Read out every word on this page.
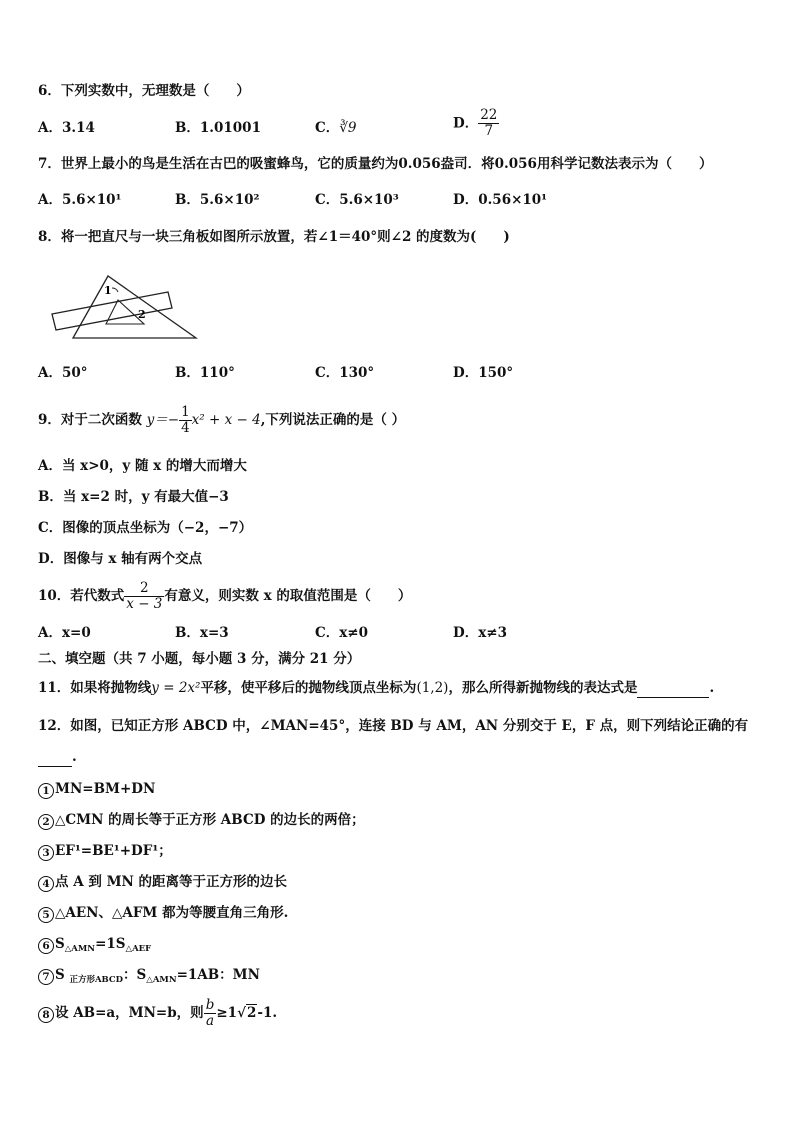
6．下列实数中，无理数是（　　）
A．3.14	B．1.01001	C．∛9	D． $\frac{22}{7}$
7．世界上最小的鸟是生活在古巴的吸蜜蜂鸟，它的质量约为0.056盎司．将0.056用科学记数法表示为（　　）
A．5.6×10¹	B．5.6×10²	C．5.6×10³	D．0.56×10¹
8．将一把直尺与一块三角板如图所示放置，若∠1＝40°则∠2 的度数为(　　)
1
2
A．50°	B．110°	C．130°	D．150°
9．对于二次函数 $y=- \frac{1}{4} x^2 + x - 4$,下列说法正确的是（ ）
A．当 x>0，y 随 x 的增大而增大
B．当 x=2 时，y 有最大值−3
C．图像的顶点坐标为（−2，−7）
D．图像与 x 轴有两个交点
10．若代数式 $\frac{2}{x - 3}$ 有意义，则实数 x 的取值范围是（　　）
A．x=0	B．x=3	C．x≠0	D．x≠3
二、填空题（共 7 小题，每小题 3 分，满分 21 分）
11．如果将抛物线y = 2x²平移，使平移后的抛物线顶点坐标为(1,2)，那么所得新抛物线的表达式是	.
12．如图，已知正方形 ABCD 中，∠MAN=45°，连接 BD 与 AM，AN 分别交于 E，F 点，则下列结论正确的有
.
1 MN=BM+DN
2 △CMN 的周长等于正方形 ABCD 的边长的两倍；
3 EF¹=BE¹+DF¹；
4 点 A 到 MN 的距离等于正方形的边长
5 △AEN、△AFM 都为等腰直角三角形.
6 $S_{\triangle AMN}=1S_{\triangle AEF}$
7 S $_{正方形ABCD}$：$S_{\triangle AMN}=1AB$：MN
8 设 AB=a，MN=b，则 $\frac{b}{a} \ge 1√2-1$.
